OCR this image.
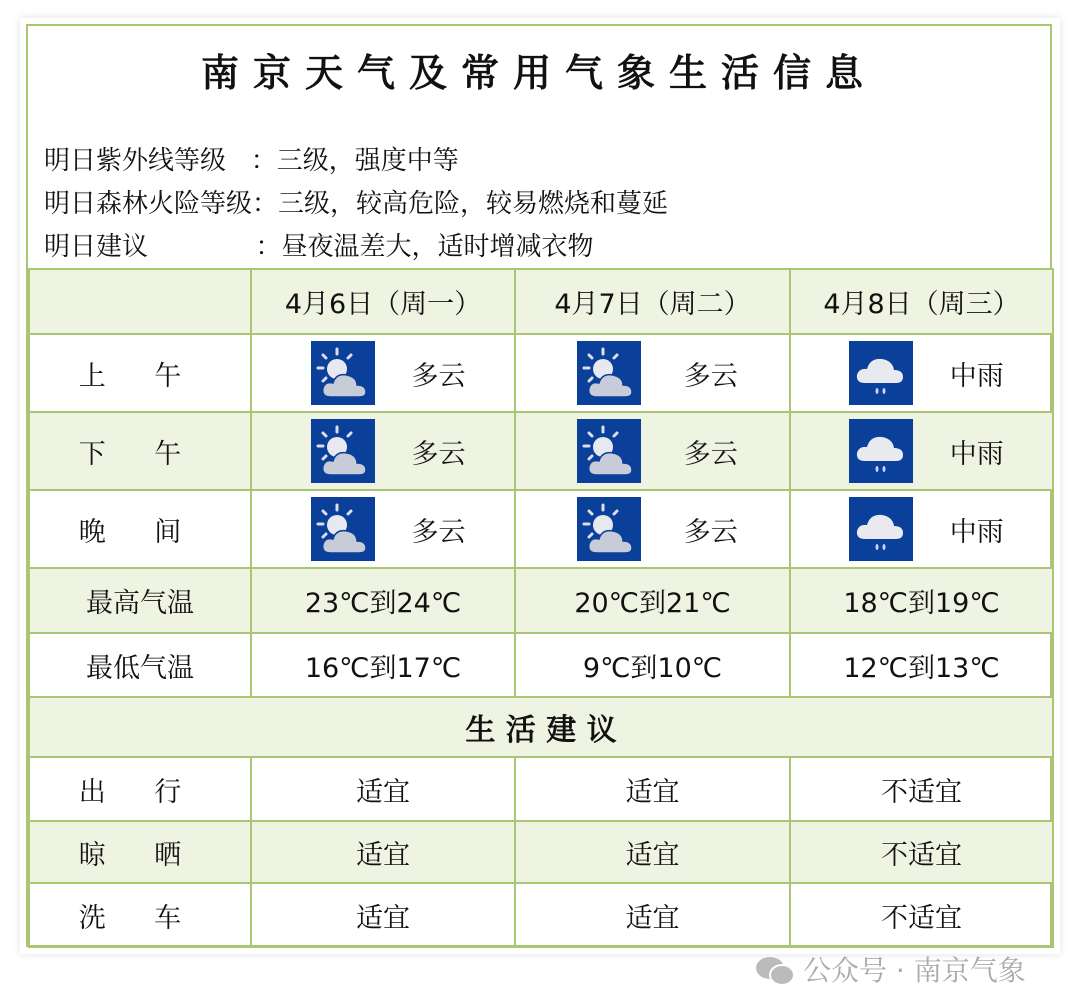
南京天气及常用气象生活信息
明日紫外线等级   ：三级，强度中等
明日森林火险等级：三级，较高危险，较易燃烧和蔓延
明日建议             ：昼夜温差大，适时增减衣物
	4月6日（周一）	4月7日（周二）	4月8日（周三）
上 午	多云	多云	中雨

下 午	多云	多云	中雨

晚 间	多云	多云	中雨

最高气温	23℃到24℃	20℃到21℃	18℃到19℃
最低气温	16℃到17℃	9℃到10℃	12℃到13℃
生 活 建 议			
出 行	适宜	适宜	不适宜
晾 晒	适宜	适宜	不适宜
洗 车	适宜	适宜	不适宜
公众号 · 南京气象
